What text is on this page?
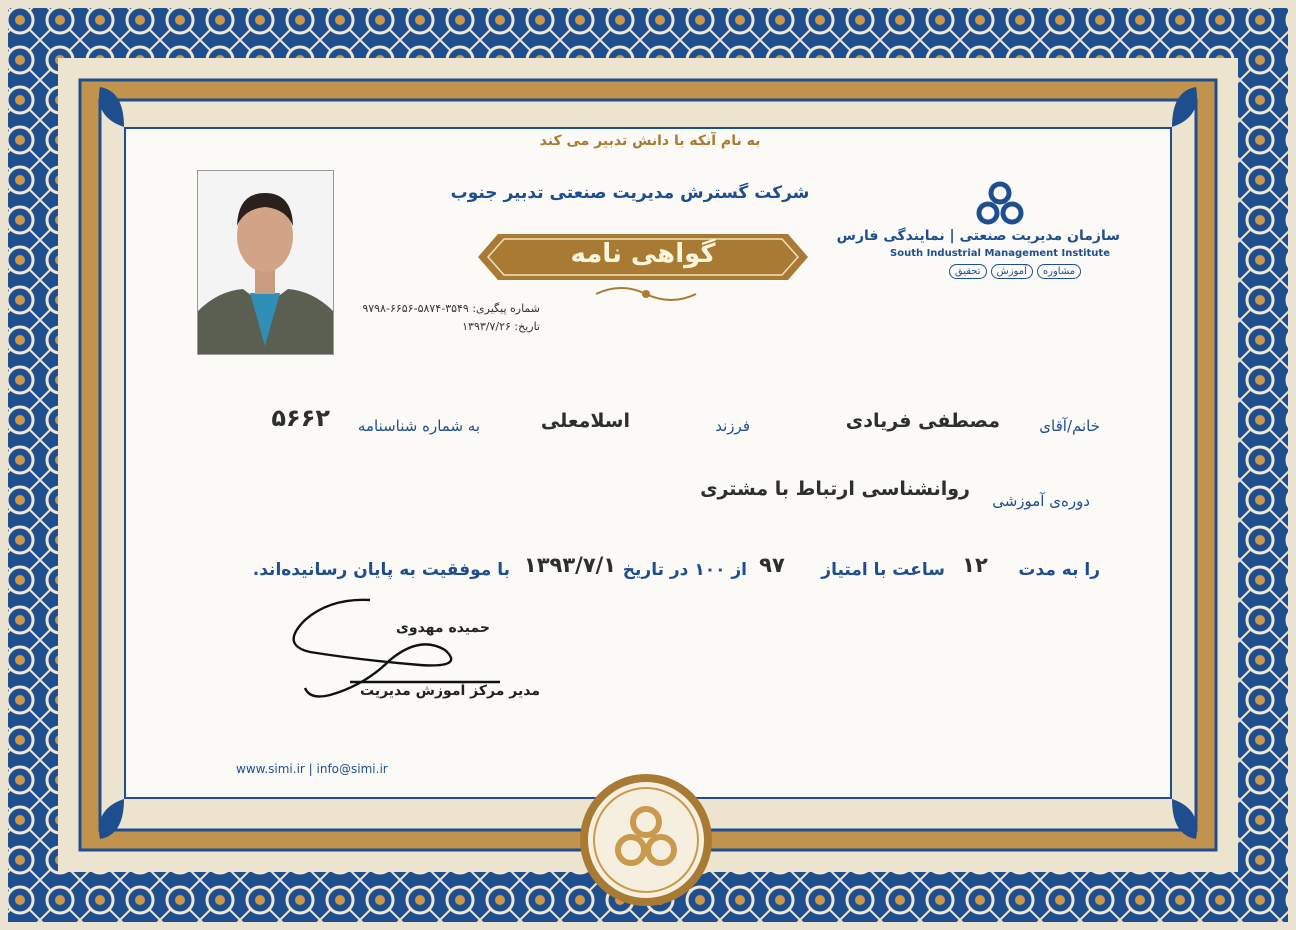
به نام آنکه با دانش تدبیر می کند
شرکت گسترش مدیریت صنعتی تدبیر جنوب
گواهی نامه
شماره پیگیری: ۳۵۴۹-۵۸۷۴-۶۶۵۶-۹۷۹۸
تاریخ: ۱۳۹۳/۷/۲۶
سازمان مدیریت صنعتی | نمایندگی فارس
South Industrial Management Institute
مشاوره
آموزش
تحقیق
خانم/آقای
مصطفی فریادی
فرزند
اسلامعلی
به شماره شناسنامه
۵۶۶۲
دوره‌ی آموزشی
روانشناسی ارتباط با مشتری
را به مدت
۱۲
ساعت با امتیاز
۹۷
از ۱۰۰ در تاریخ
۱۳۹۳/۷/۱
با موفقیت به پایان رسانیده‌اند.
حمیده مهدوی
مدیر مرکز آموزش مدیریت
www.simi.ir | info@simi.ir
